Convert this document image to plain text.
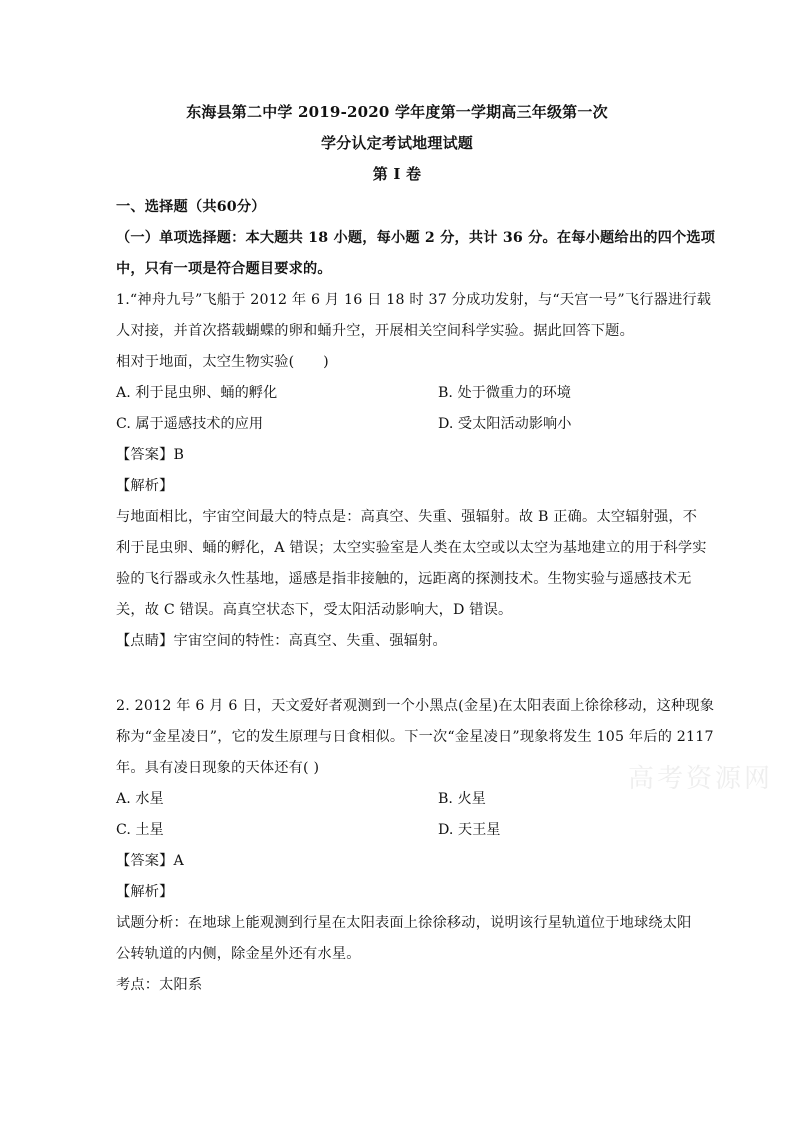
东海县第二中学 2019-2020 学年度第一学期高三年级第一次
学分认定考试地理试题
第 I 卷
一、选择题（共60分）
（一）单项选择题：本大题共 18 小题，每小题 2 分，共计 36 分。在每小题给出的四个选项
中，只有一项是符合题目要求的。
1.“神舟九号”飞船于 2012 年 6 月 16 日 18 时 37 分成功发射，与“天宫一号”飞行器进行载
人对接，并首次搭载蝴蝶的卵和蛹升空，开展相关空间科学实验。据此回答下题。
相对于地面，太空生物实验(　　)
A. 利于昆虫卵、蛹的孵化	B. 处于微重力的环境
C. 属于遥感技术的应用	D. 受太阳活动影响小
【答案】B
【解析】
与地面相比，宇宙空间最大的特点是：高真空、失重、强辐射。故 B 正确。太空辐射强，不
利于昆虫卵、蛹的孵化，A 错误；太空实验室是人类在太空或以太空为基地建立的用于科学实
验的飞行器或永久性基地，遥感是指非接触的，远距离的探测技术。生物实验与遥感技术无
关，故 C 错误。高真空状态下，受太阳活动影响大，D 错误。
【点睛】宇宙空间的特性：高真空、失重、强辐射。
2. 2012 年 6 月 6 日，天文爱好者观测到一个小黑点(金星)在太阳表面上徐徐移动，这种现象
称为“金星凌日”，它的发生原理与日食相似。下一次“金星凌日”现象将发生 105 年后的 2117
年。具有凌日现象的天体还有( )
A. 水星	B. 火星
C. 土星	D. 天王星
【答案】A
【解析】
试题分析：在地球上能观测到行星在太阳表面上徐徐移动，说明该行星轨道位于地球绕太阳
公转轨道的内侧，除金星外还有水星。
考点：太阳系
高考资源网
